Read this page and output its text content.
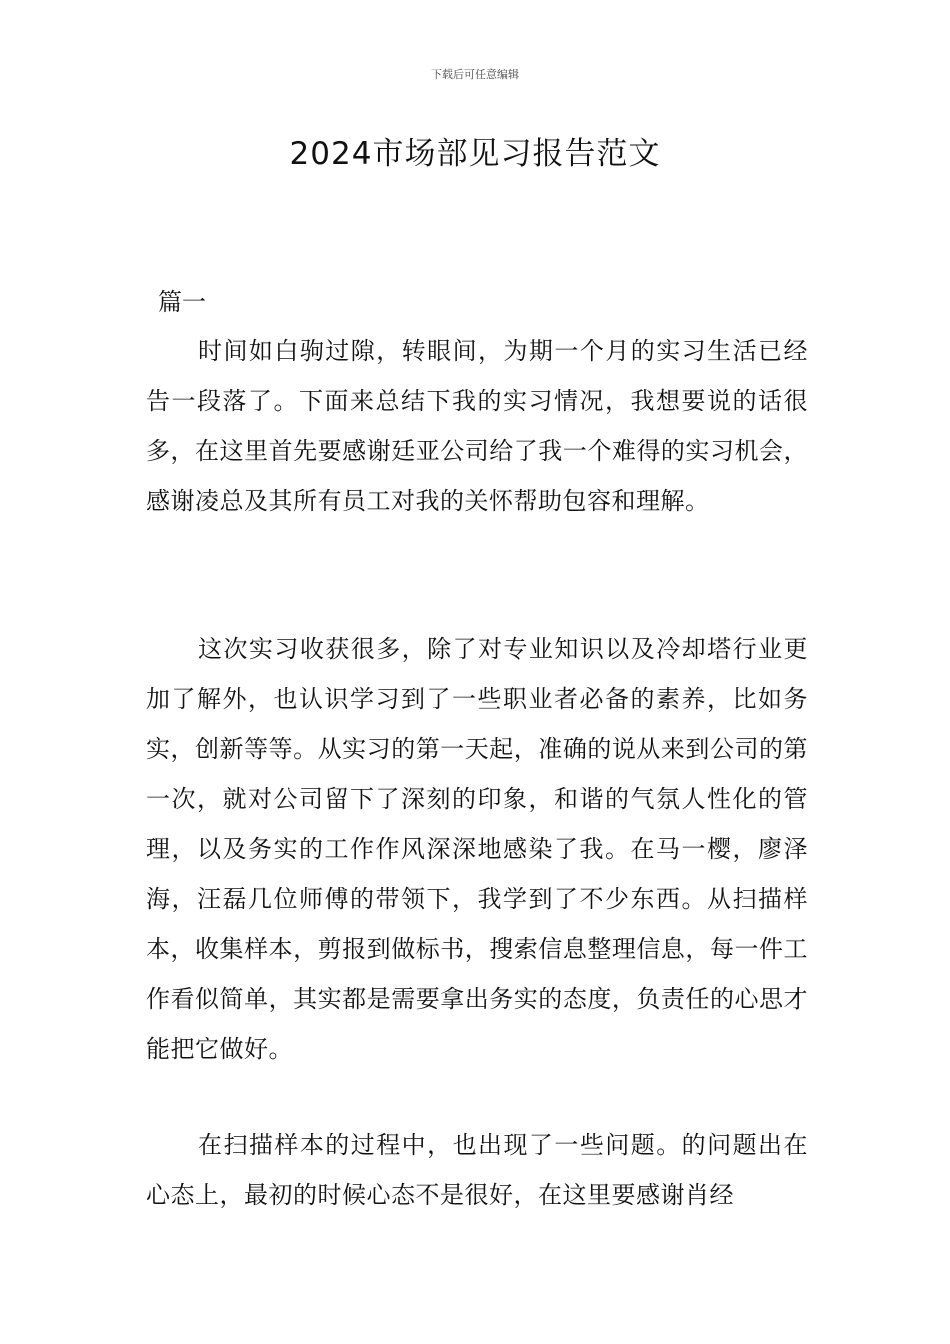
下载后可任意编辑
2024市场部见习报告范文
篇一

时间如白驹过隙，转眼间，为期一个月的实习生活已经告一段落了。下面来总结下我的实习情况，我想要说的话很多，在这里首先要感谢廷亚公司给了我一个难得的实习机会，感谢凌总及其所有员工对我的关怀帮助包容和理解。

这次实习收获很多，除了对专业知识以及冷却塔行业更加了解外，也认识学习到了一些职业者必备的素养，比如务实，创新等等。从实习的第一天起，准确的说从来到公司的第一次，就对公司留下了深刻的印象，和谐的气氛人性化的管理，以及务实的工作作风深深地感染了我。在马一樱，廖泽海，汪磊几位师傅的带领下，我学到了不少东西。从扫描样本，收集样本，剪报到做标书，搜索信息整理信息，每一件工作看似简单，其实都是需要拿出务实的态度，负责任的心思才能把它做好。

在扫描样本的过程中，也出现了一些问题。的问题出在心态上，最初的时候心态不是很好，在这里要感谢肖经
